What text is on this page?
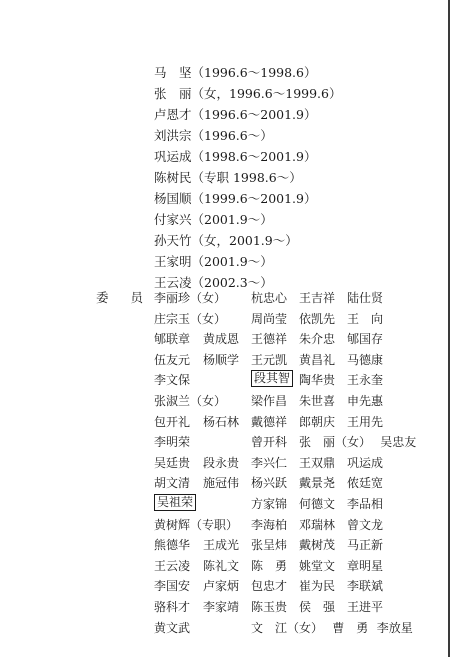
马　坚（1996.6～1998.6）
张　丽（女，1996.6～1999.6）
卢恩才（1996.6～2001.9）
刘洪宗（1996.6～）
巩运成（1998.6～2001.9）
陈树民（专职 1998.6～）
杨国顺（1999.6～2001.9）
付家兴（2001.9～）
孙天竹（女，2001.9～）
王家明（2001.9～）
王云凌（2002.3～）
委 员 李丽珍（女） 杭忠心 王吉祥 陆仕贤
庄宗玉（女） 周尚莹 依凯先 王　向
郇联章 黄成恩 王德祥 朱介忠 郇国存
伍友元 杨顺学 王元凯 黄昌礼 马德康
李文保	段其智 陶华贵 王永奎
张淑兰（女） 梁作昌 朱世喜 申先惠
包开礼 杨石林 戴德祥 郎朝庆 王用先
李明荣	曾开科 张　丽（女） 吴忠友
吴廷贵 段永贵 李兴仁 王双鼎 巩运成
胡文清 施冠伟 杨兴跃 戴景尧 侬廷宽
吴祖荣	方家锦 何德文 李品相
黄树辉（专职） 李海柏 邓瑞林 曾文龙
熊德华 王成光 张呈炜 戴树茂 马正新
王云凌 陈礼文 陈　勇 姚堂文 章明星
李国安 卢家炳 包忠才 崔为民 李联斌
骆科才 李家靖 陈玉贵 侯　强 王进平
黄文武	文　江（女） 曹　勇 李放星
